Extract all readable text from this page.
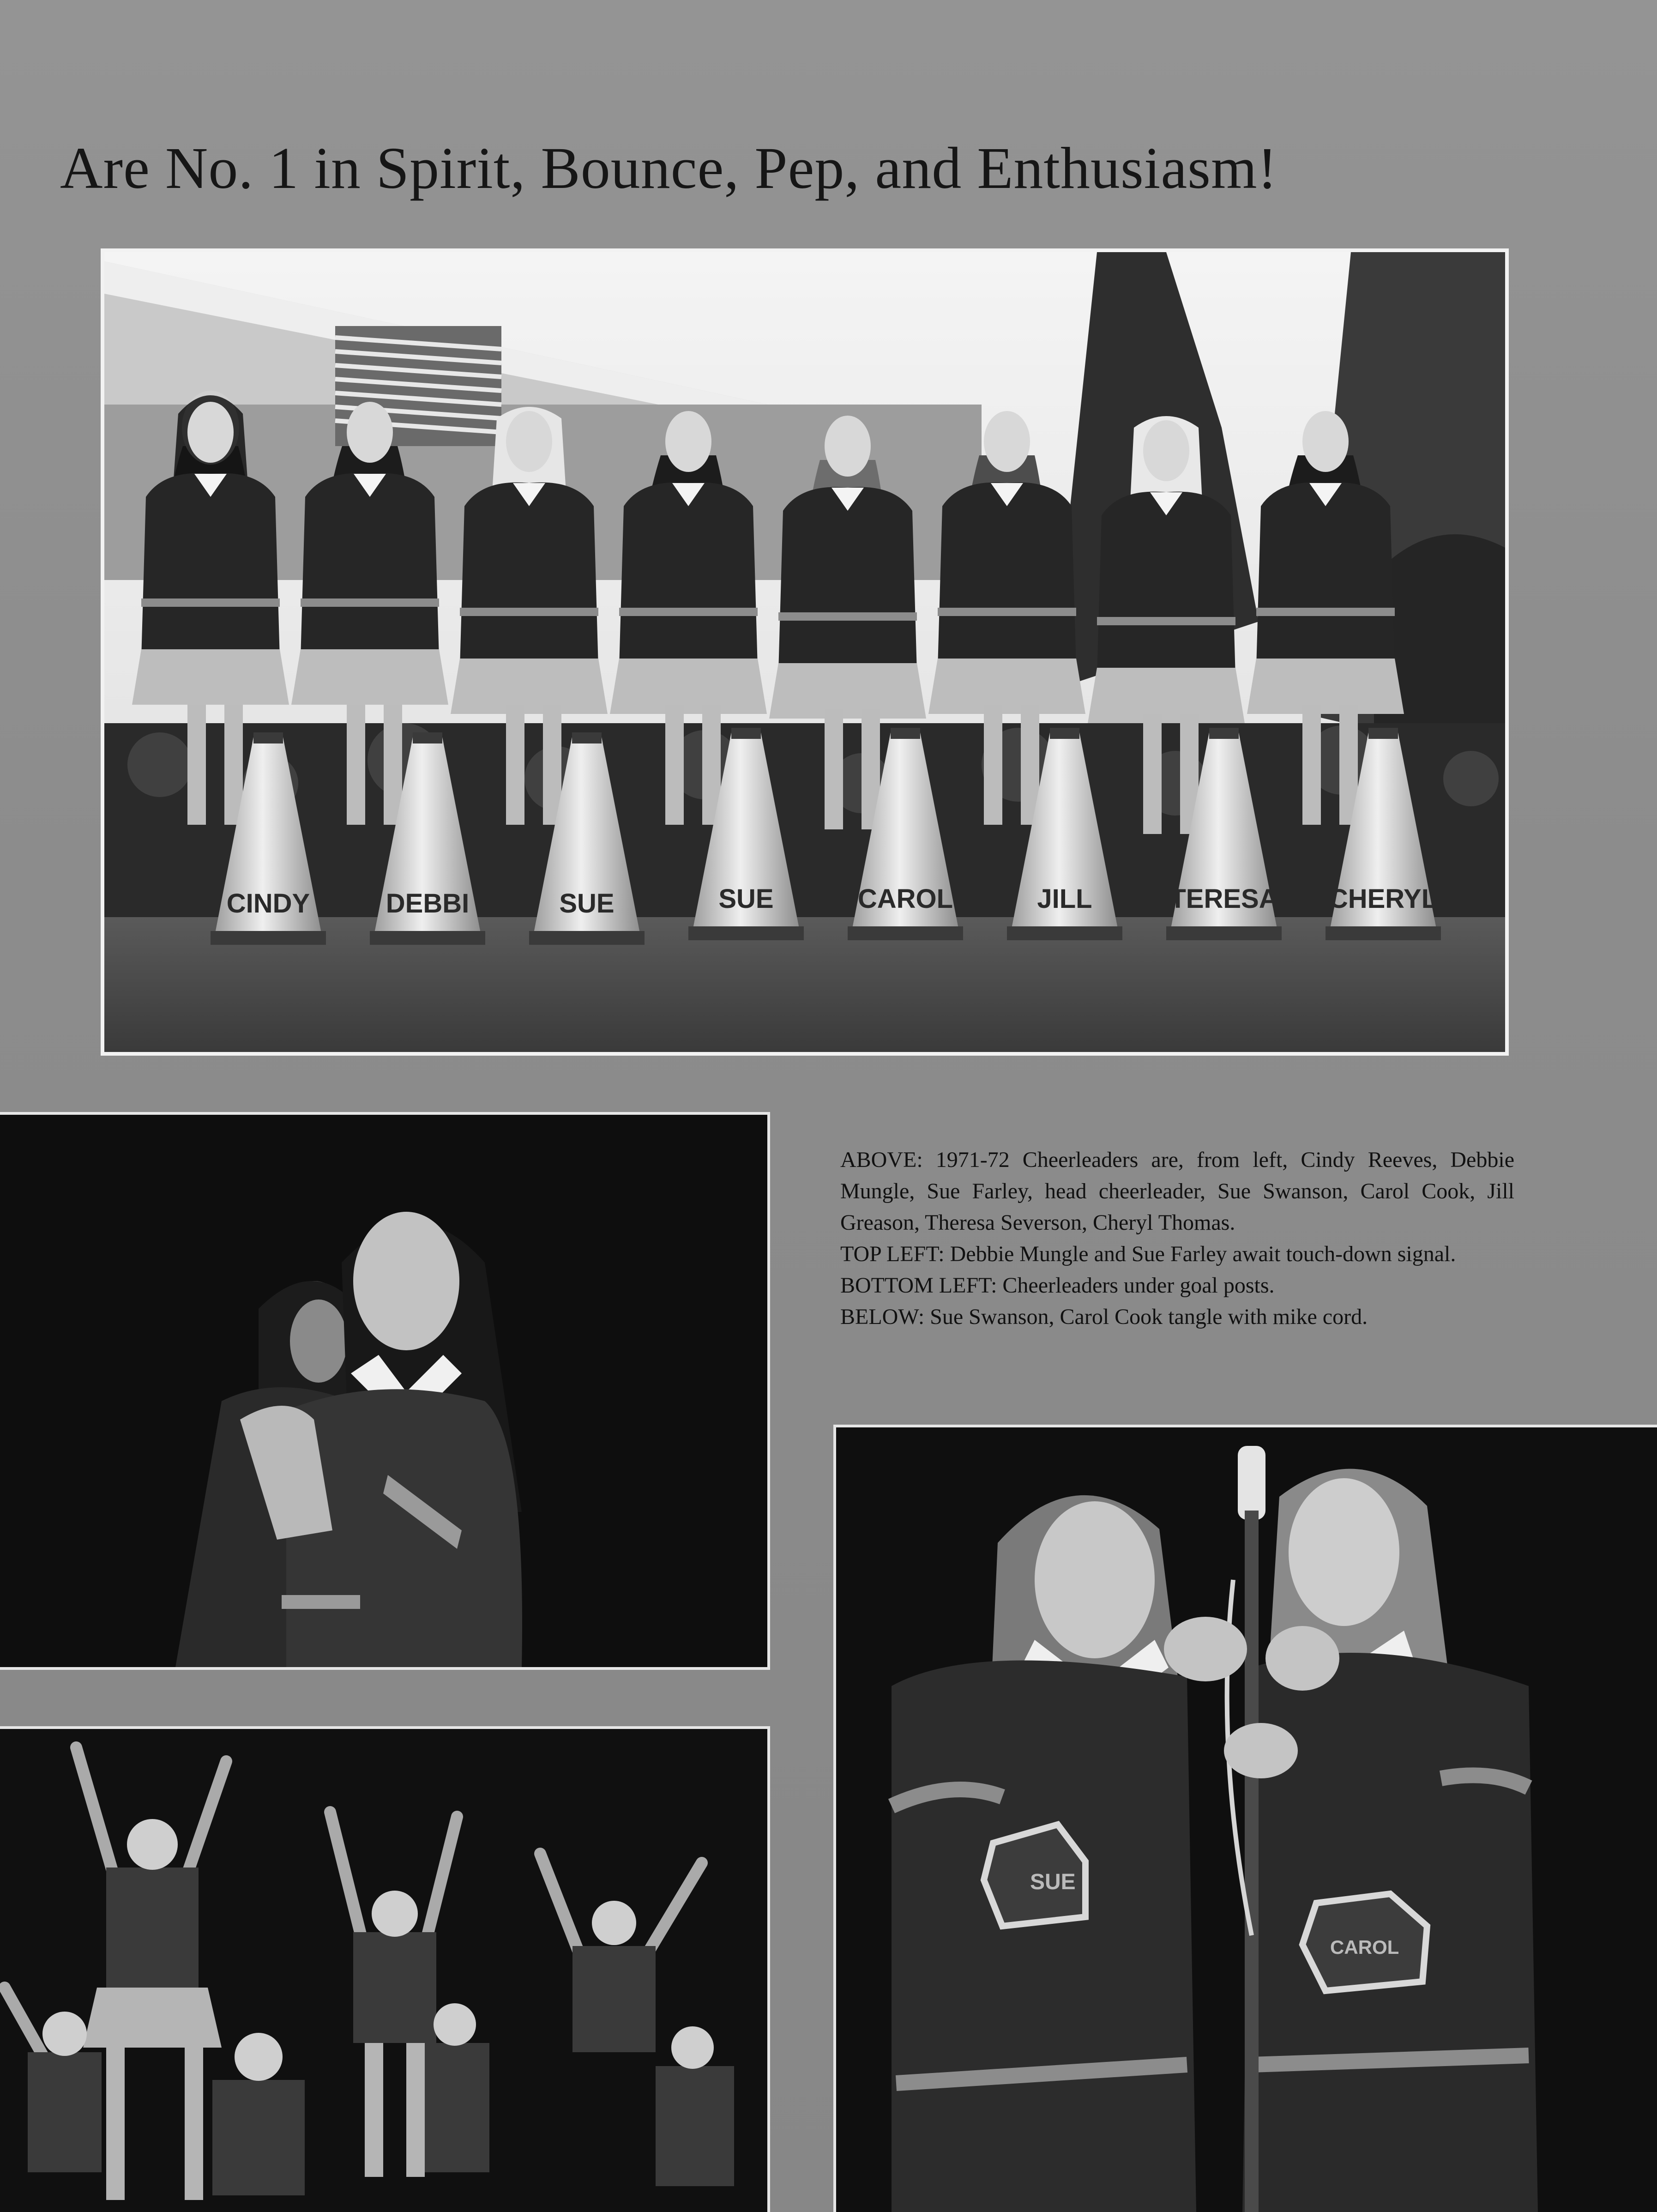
Are No. 1 in Spirit, Bounce, Pep, and Enthusiasm!
CINDY	DEBBI	SUE	SUE	CAROL	JILL	TERESA CHERYL

ABOVE: 1971-72 Cheerleaders are, from left, Cindy Reeves, Debbie Mungle, Sue Farley, head cheerleader, Sue Swanson, Carol Cook, Jill Greason, Theresa Severson, Cheryl Thomas.

TOP LEFT: Debbie Mungle and Sue Farley await touch-down signal.

BOTTOM LEFT: Cheerleaders under goal posts.

BELOW: Sue Swanson, Carol Cook tangle with mike cord.

SUE
CAROL
